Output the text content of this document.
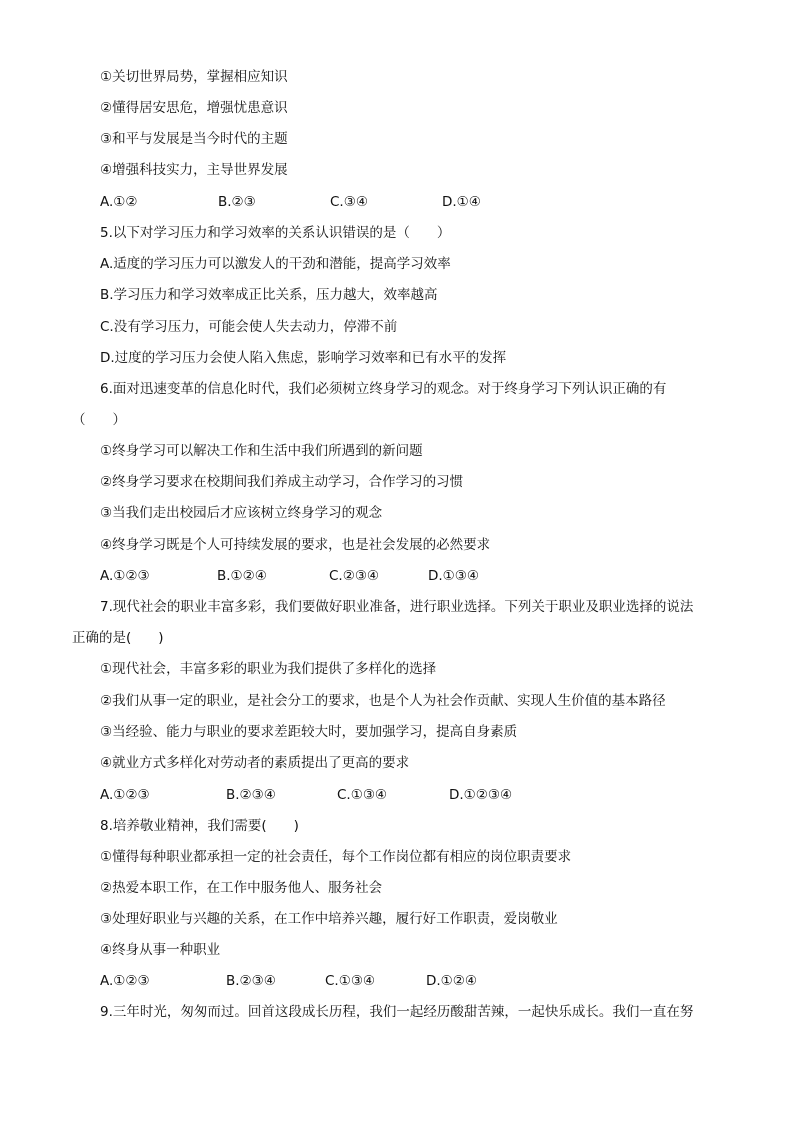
①关切世界局势，掌握相应知识
②懂得居安思危，增强忧患意识
③和平与发展是当今时代的主题
④增强科技实力，主导世界发展
A.①②	B.②③	C.③④	D.①④
5.以下对学习压力和学习效率的关系认识错误的是（　　）
A.适度的学习压力可以激发人的干劲和潜能，提高学习效率
B.学习压力和学习效率成正比关系，压力越大，效率越高
C.没有学习压力，可能会使人失去动力，停滞不前
D.过度的学习压力会使人陷入焦虑，影响学习效率和已有水平的发挥
6.面对迅速变革的信息化时代，我们必须树立终身学习的观念。对于终身学习下列认识正确的有
（　　）
①终身学习可以解决工作和生活中我们所遇到的新问题
②终身学习要求在校期间我们养成主动学习，合作学习的习惯
③当我们走出校园后才应该树立终身学习的观念
④终身学习既是个人可持续发展的要求，也是社会发展的必然要求
A.①②③	B.①②④	C.②③④	D.①③④
7.现代社会的职业丰富多彩，我们要做好职业准备，进行职业选择。下列关于职业及职业选择的说法
正确的是(　　)
①现代社会，丰富多彩的职业为我们提供了多样化的选择
②我们从事一定的职业，是社会分工的要求，也是个人为社会作贡献、实现人生价值的基本路径
③当经验、能力与职业的要求差距较大时，要加强学习，提高自身素质
④就业方式多样化对劳动者的素质提出了更高的要求
A.①②③	B.②③④	C.①③④	D.①②③④
8.培养敬业精神，我们需要(　　)
①懂得每种职业都承担一定的社会责任，每个工作岗位都有相应的岗位职责要求
②热爱本职工作，在工作中服务他人、服务社会
③处理好职业与兴趣的关系，在工作中培养兴趣，履行好工作职责，爱岗敬业
④终身从事一种职业
A.①②③	B.②③④	C.①③④	D.①②④
9.三年时光，匆匆而过。回首这段成长历程，我们一起经历酸甜苦辣，一起快乐成长。我们一直在努
